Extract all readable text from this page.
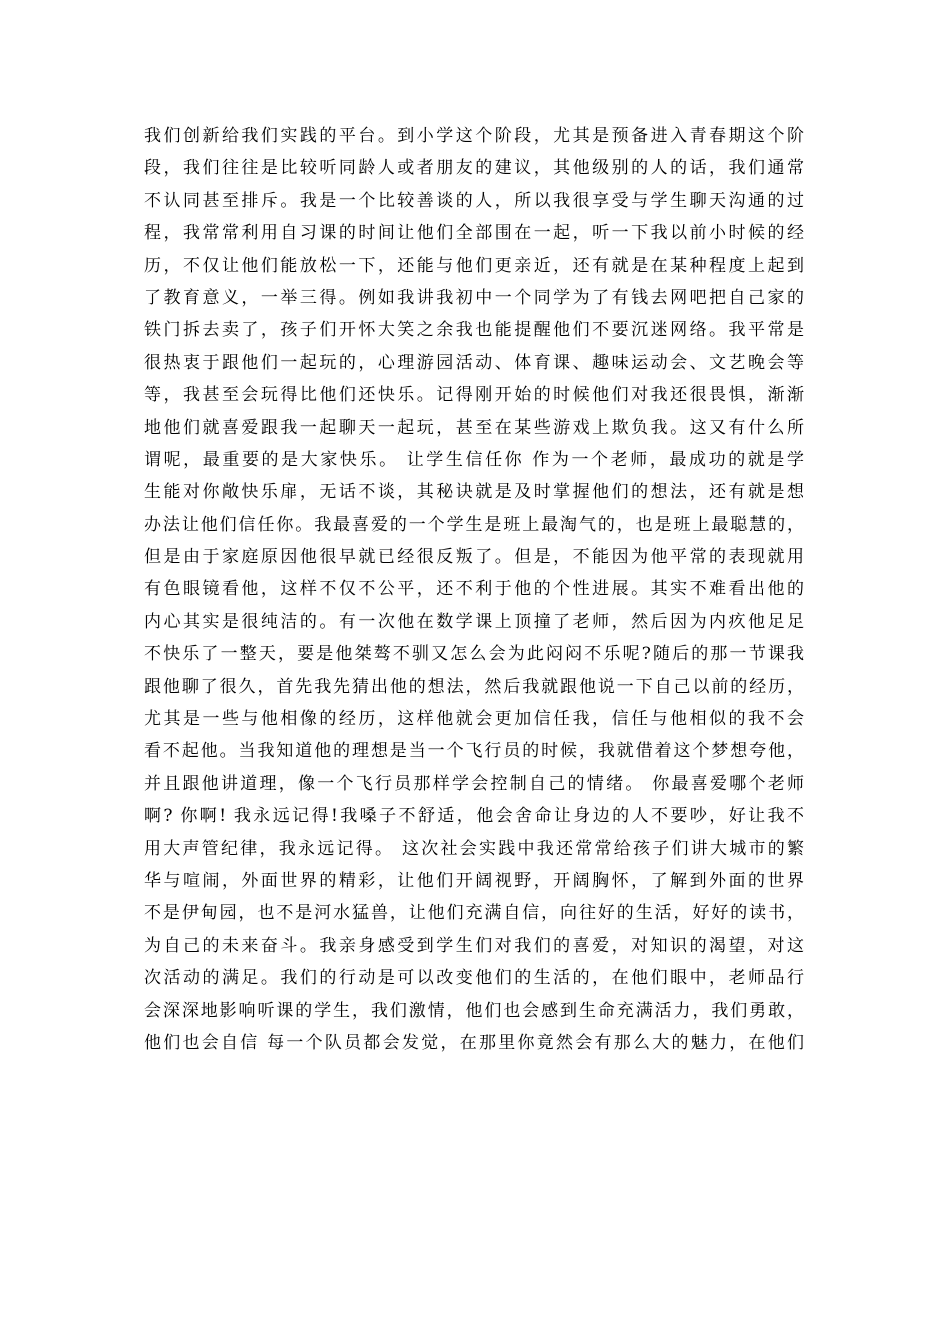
我们创新给我们实践的平台。到小学这个阶段，尤其是预备进入青春期这个阶
段，我们往往是比较听同龄人或者朋友的建议，其他级别的人的话，我们通常
不认同甚至排斥。我是一个比较善谈的人，所以我很享受与学生聊天沟通的过
程，我常常利用自习课的时间让他们全部围在一起，听一下我以前小时候的经
历，不仅让他们能放松一下，还能与他们更亲近，还有就是在某种程度上起到
了教育意义，一举三得。例如我讲我初中一个同学为了有钱去网吧把自己家的
铁门拆去卖了，孩子们开怀大笑之余我也能提醒他们不要沉迷网络。我平常是
很热衷于跟他们一起玩的，心理游园活动、体育课、趣味运动会、文艺晚会等
等，我甚至会玩得比他们还快乐。记得刚开始的时候他们对我还很畏惧，渐渐
地他们就喜爱跟我一起聊天一起玩，甚至在某些游戏上欺负我。这又有什么所
谓呢，最重要的是大家快乐。 让学生信任你 作为一个老师，最成功的就是学
生能对你敞快乐扉，无话不谈，其秘诀就是及时掌握他们的想法，还有就是想
办法让他们信任你。我最喜爱的一个学生是班上最淘气的，也是班上最聪慧的，
但是由于家庭原因他很早就已经很反叛了。但是，不能因为他平常的表现就用
有色眼镜看他，这样不仅不公平，还不利于他的个性进展。其实不难看出他的
内心其实是很纯洁的。有一次他在数学课上顶撞了老师，然后因为内疚他足足
不快乐了一整天，要是他桀骜不驯又怎么会为此闷闷不乐呢?随后的那一节课我
跟他聊了很久，首先我先猜出他的想法，然后我就跟他说一下自己以前的经历，
尤其是一些与他相像的经历，这样他就会更加信任我，信任与他相似的我不会
看不起他。当我知道他的理想是当一个飞行员的时候，我就借着这个梦想夸他，
并且跟他讲道理，像一个飞行员那样学会控制自己的情绪。 你最喜爱哪个老师
啊? 你啊! 我永远记得!我嗓子不舒适，他会舍命让身边的人不要吵，好让我不
用大声管纪律，我永远记得。 这次社会实践中我还常常给孩子们讲大城市的繁
华与喧闹，外面世界的精彩，让他们开阔视野，开阔胸怀，了解到外面的世界
不是伊甸园，也不是河水猛兽，让他们充满自信，向往好的生活，好好的读书，
为自己的未来奋斗。我亲身感受到学生们对我们的喜爱，对知识的渴望，对这
次活动的满足。我们的行动是可以改变他们的生活的，在他们眼中，老师品行
会深深地影响听课的学生，我们激情，他们也会感到生命充满活力，我们勇敢，
他们也会自信 每一个队员都会发觉，在那里你竟然会有那么大的魅力，在他们
